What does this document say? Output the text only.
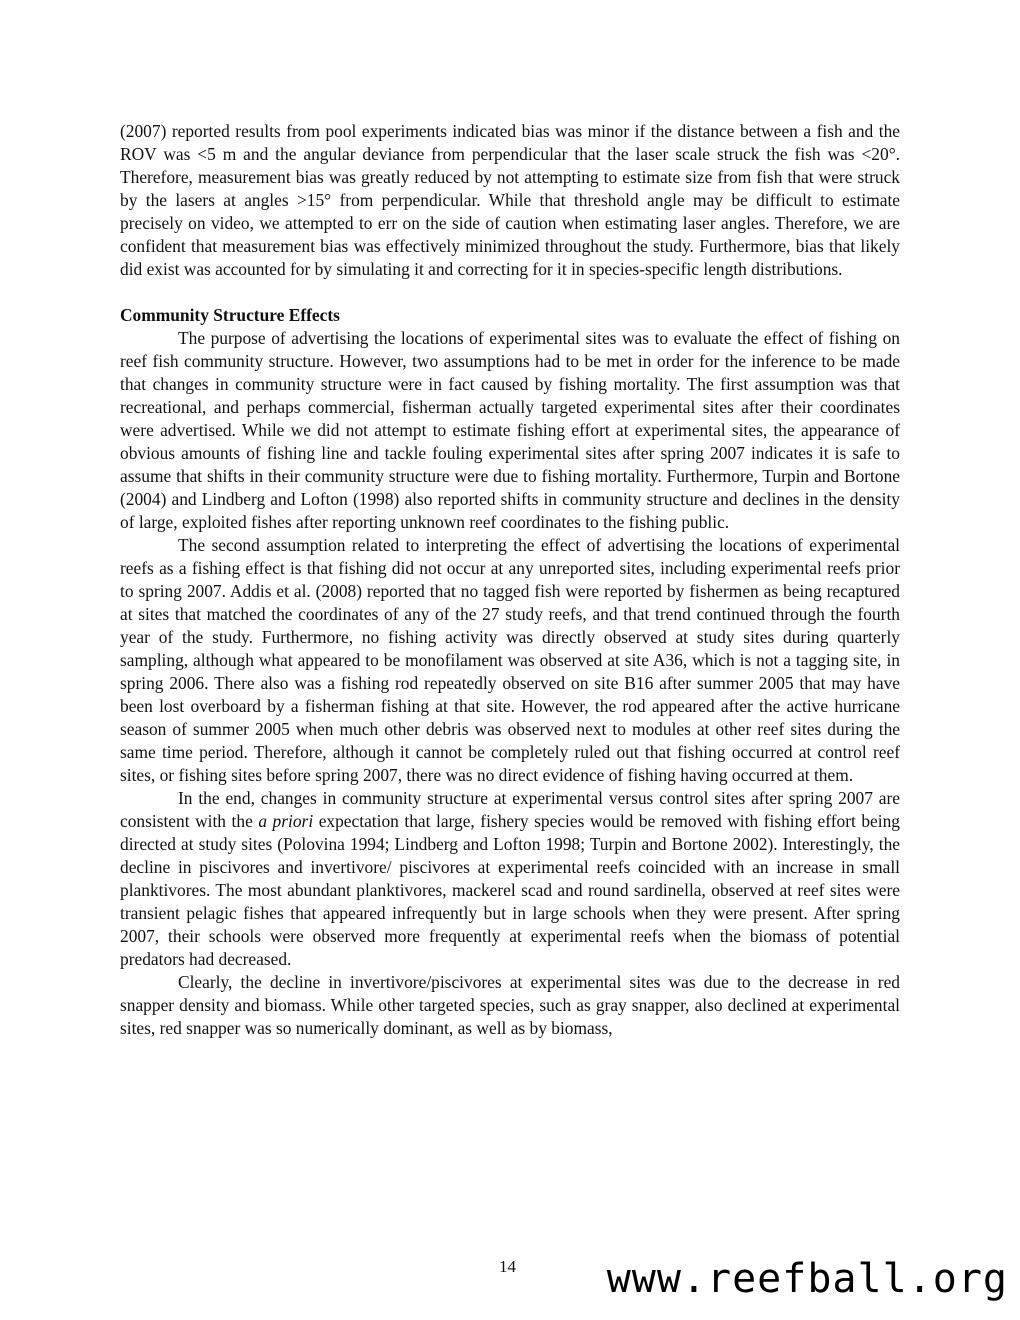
(2007) reported results from pool experiments indicated bias was minor if the distance between a fish and the ROV was <5 m and the angular deviance from perpendicular that the laser scale struck the fish was <20°. Therefore, measurement bias was greatly reduced by not attempting to estimate size from fish that were struck by the lasers at angles >15° from perpendicular. While that threshold angle may be difficult to estimate precisely on video, we attempted to err on the side of caution when estimating laser angles. Therefore, we are confident that measurement bias was effectively minimized throughout the study. Furthermore, bias that likely did exist was accounted for by simulating it and correcting for it in species-specific length distributions.

Community Structure Effects

The purpose of advertising the locations of experimental sites was to evaluate the effect of fishing on reef fish community structure. However, two assumptions had to be met in order for the inference to be made that changes in community structure were in fact caused by fishing mortality. The first assumption was that recreational, and perhaps commercial, fisherman actually targeted experimental sites after their coordinates were advertised. While we did not attempt to estimate fishing effort at experimental sites, the appearance of obvious amounts of fishing line and tackle fouling experimental sites after spring 2007 indicates it is safe to assume that shifts in their community structure were due to fishing mortality. Furthermore, Turpin and Bortone (2004) and Lindberg and Lofton (1998) also reported shifts in community structure and declines in the density of large, exploited fishes after reporting unknown reef coordinates to the fishing public.

The second assumption related to interpreting the effect of advertising the locations of experimental reefs as a fishing effect is that fishing did not occur at any unreported sites, including experimental reefs prior to spring 2007. Addis et al. (2008) reported that no tagged fish were reported by fishermen as being recaptured at sites that matched the coordinates of any of the 27 study reefs, and that trend continued through the fourth year of the study. Furthermore, no fishing activity was directly observed at study sites during quarterly sampling, although what appeared to be monofilament was observed at site A36, which is not a tagging site, in spring 2006. There also was a fishing rod repeatedly observed on site B16 after summer 2005 that may have been lost overboard by a fisherman fishing at that site. However, the rod appeared after the active hurricane season of summer 2005 when much other debris was observed next to modules at other reef sites during the same time period. Therefore, although it cannot be completely ruled out that fishing occurred at control reef sites, or fishing sites before spring 2007, there was no direct evidence of fishing having occurred at them.

In the end, changes in community structure at experimental versus control sites after spring 2007 are consistent with the a priori expectation that large, fishery species would be removed with fishing effort being directed at study sites (Polovina 1994; Lindberg and Lofton 1998; Turpin and Bortone 2002). Interestingly, the decline in piscivores and invertivore/ piscivores at experimental reefs coincided with an increase in small planktivores. The most abundant planktivores, mackerel scad and round sardinella, observed at reef sites were transient pelagic fishes that appeared infrequently but in large schools when they were present. After spring 2007, their schools were observed more frequently at experimental reefs when the biomass of potential predators had decreased.

Clearly, the decline in invertivore/piscivores at experimental sites was due to the decrease in red snapper density and biomass. While other targeted species, such as gray snapper, also declined at experimental sites, red snapper was so numerically dominant, as well as by biomass,

14 www.reefball.org
